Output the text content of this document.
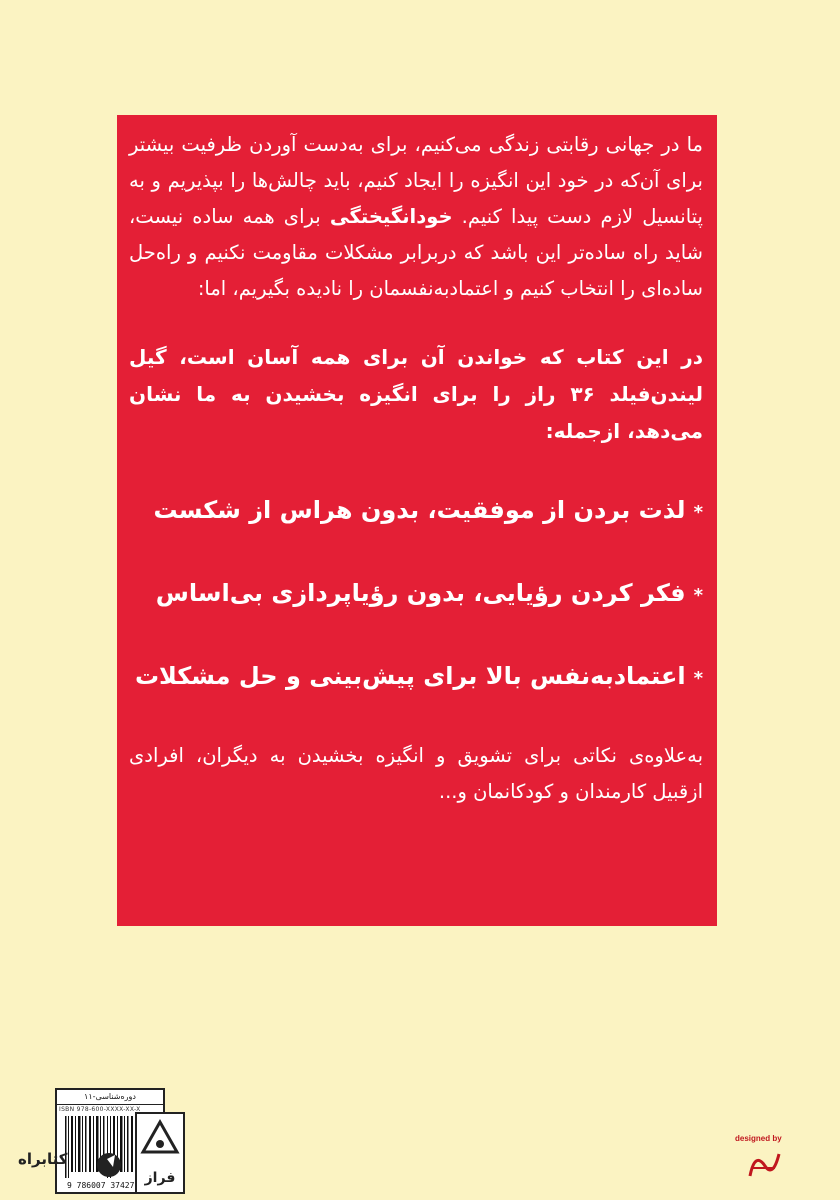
ما در جهانی رقابتی زندگی می‌کنیم، برای به‌دست آوردن ظرفیت بیشتر برای آن‌که در خود این انگیزه را ایجاد کنیم، باید چالش‌ها را بپذیریم و به پتانسیل لازم دست پیدا کنیم. خودانگیختگی برای همه ساده نیست، شاید راه ساده‌تر این باشد که دربرابر مشکلات مقاومت نکنیم و راه‌حل ساده‌ای را انتخاب کنیم و اعتمادبه‌نفسمان را نادیده بگیریم، اما:

در این کتاب که خواندن آن برای همه آسان است، گیل لیندن‌فیلد ۳۶ راز را برای انگیزه بخشیدن به ما نشان می‌دهد، ازجمله:

*لذت بردن از موفقیت، بدون هراس از شکست

*فکر کردن رؤیایی، بدون رؤیاپردازی بی‌اساس

*اعتمادبه‌نفس بالا برای پیش‌بینی و حل مشکلات

به‌علاوه‌ی نکاتی برای تشویق و انگیزه بخشیدن به دیگران، افرادی ازقبیل کارمندان و کودکانمان و...

دوره‌شناسی-۱۱
ISBN 978-600-XXXX-XX-X
9 786007 37427
کتابراه
فراز
designed by
